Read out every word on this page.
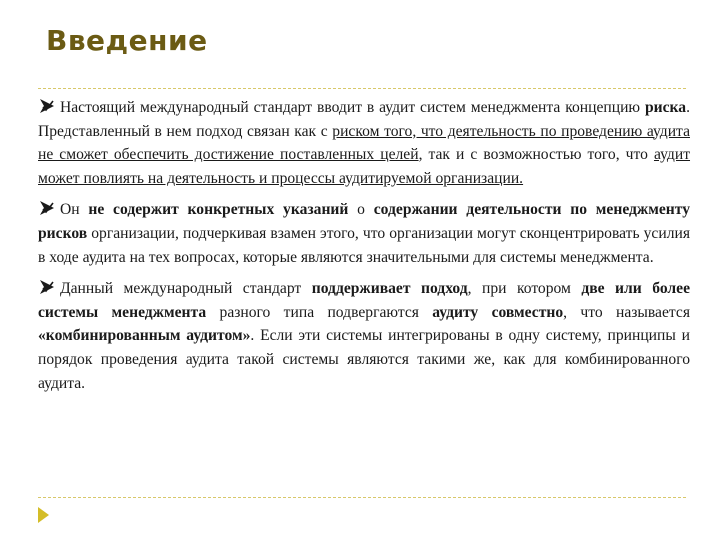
Введение

Настоящий международный стандарт вводит в аудит систем менеджмента концепцию риска. Представленный в нем подход связан как с риском того, что деятельность по проведению аудита не сможет обеспечить достижение поставленных целей, так и с возможностью того, что аудит может повлиять на деятельность и процессы аудитируемой организации.

Он не содержит конкретных указаний о содержании деятельности по менеджменту рисков организации, подчеркивая взамен этого, что организации могут сконцентрировать усилия в ходе аудита на тех вопросах, которые являются значительными для системы менеджмента.

Данный международный стандарт поддерживает подход, при котором две или более системы менеджмента разного типа подвергаются аудиту совместно, что называется «комбинированным аудитом». Если эти системы интегрированы в одну систему, принципы и порядок проведения аудита такой системы являются такими же, как для комбинированного аудита.
